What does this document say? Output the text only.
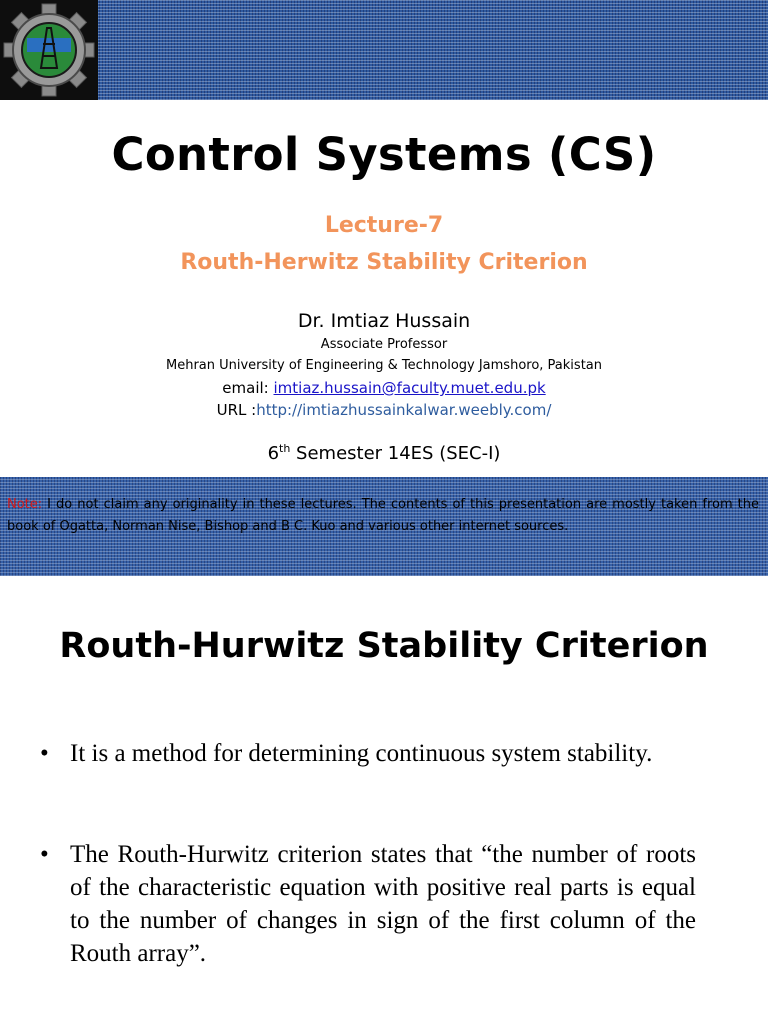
Control Systems (CS)
Lecture-7
Routh-Herwitz Stability Criterion
Dr. Imtiaz Hussain
Associate Professor
Mehran University of Engineering & Technology Jamshoro, Pakistan
email: imtiaz.hussain@faculty.muet.edu.pk
URL :http://imtiazhussainkalwar.weebly.com/
6th Semester 14ES (SEC-I)
Note: I do not claim any originality in these lectures. The contents of this presentation are mostly taken from the book of Ogatta, Norman Nise, Bishop and B C. Kuo and various other internet sources.
Routh-Hurwitz Stability Criterion
• It is a method for determining continuous system stability.
• The Routh-Hurwitz criterion states that “the number of roots of the characteristic equation with positive real parts is equal to the number of changes in sign of the first column of the Routh array”.
